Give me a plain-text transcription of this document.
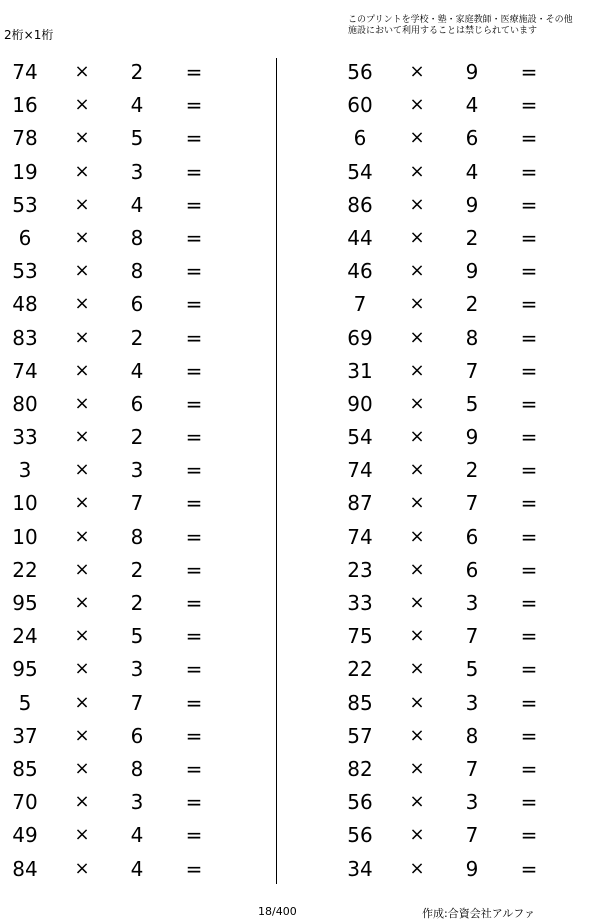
2桁×1桁
このプリントを学校・塾・家庭教師・医療施設・その他
施設において利用することは禁じられています
74	× 2 =
16	× 4 =
78	× 5 =
19	× 3 =
53	× 4 =
6	× 8 =
53	× 8 =
48	× 6 =
83	× 2 =
74	× 4 =
80	× 6 =
33	× 2 =
3	× 3 =
10	× 7 =
10	× 8 =
22	× 2 =
95	× 2 =
24	× 5 =
95	× 3 =
5	× 7 =
37	× 6 =
85	× 8 =
70	× 3 =
49	× 4 =
84	× 4 =
56	× 9 =
60	× 4 =
6	× 6 =
54	× 4 =
86	× 9 =
44	× 2 =
46	× 9 =
7	× 2 =
69	× 8 =
31	× 7 =
90	× 5 =
54	× 9 =
74	× 2 =
87	× 7 =
74	× 6 =
23	× 6 =
33	× 3 =
75	× 7 =
22	× 5 =
85	× 3 =
57	× 8 =
82	× 7 =
56	× 3 =
56	× 7 =
34	× 9 =
18/400	作成:合資会社アルファ
